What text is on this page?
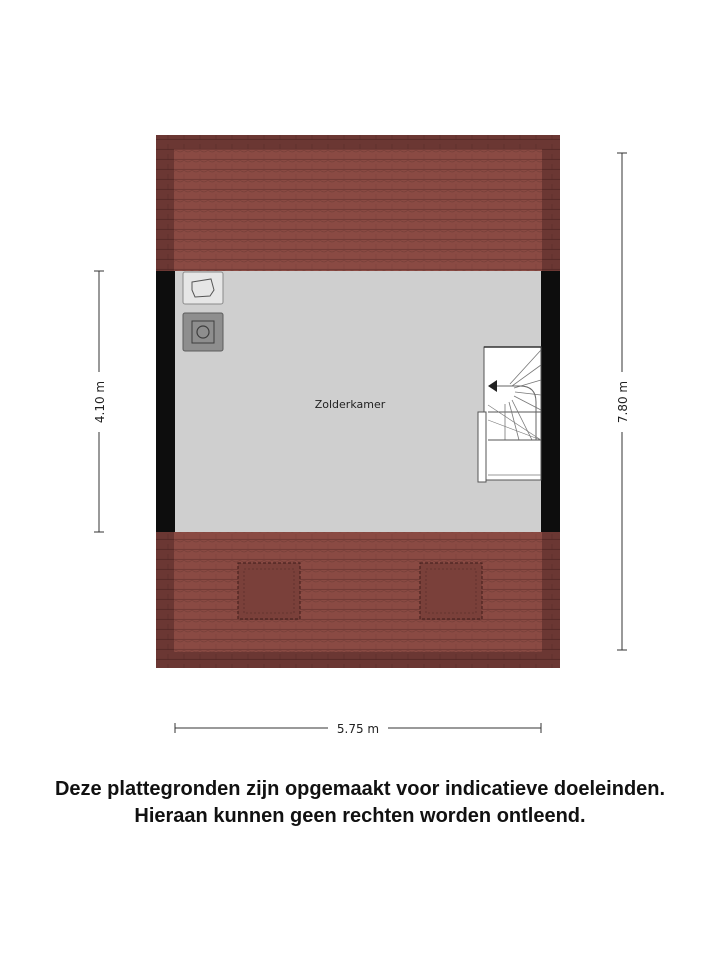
Zolderkamer
4.10 m	7.80 m
5.75 m
Deze plattegronden zijn opgemaakt voor indicatieve doeleinden.
Hieraan kunnen geen rechten worden ontleend.
